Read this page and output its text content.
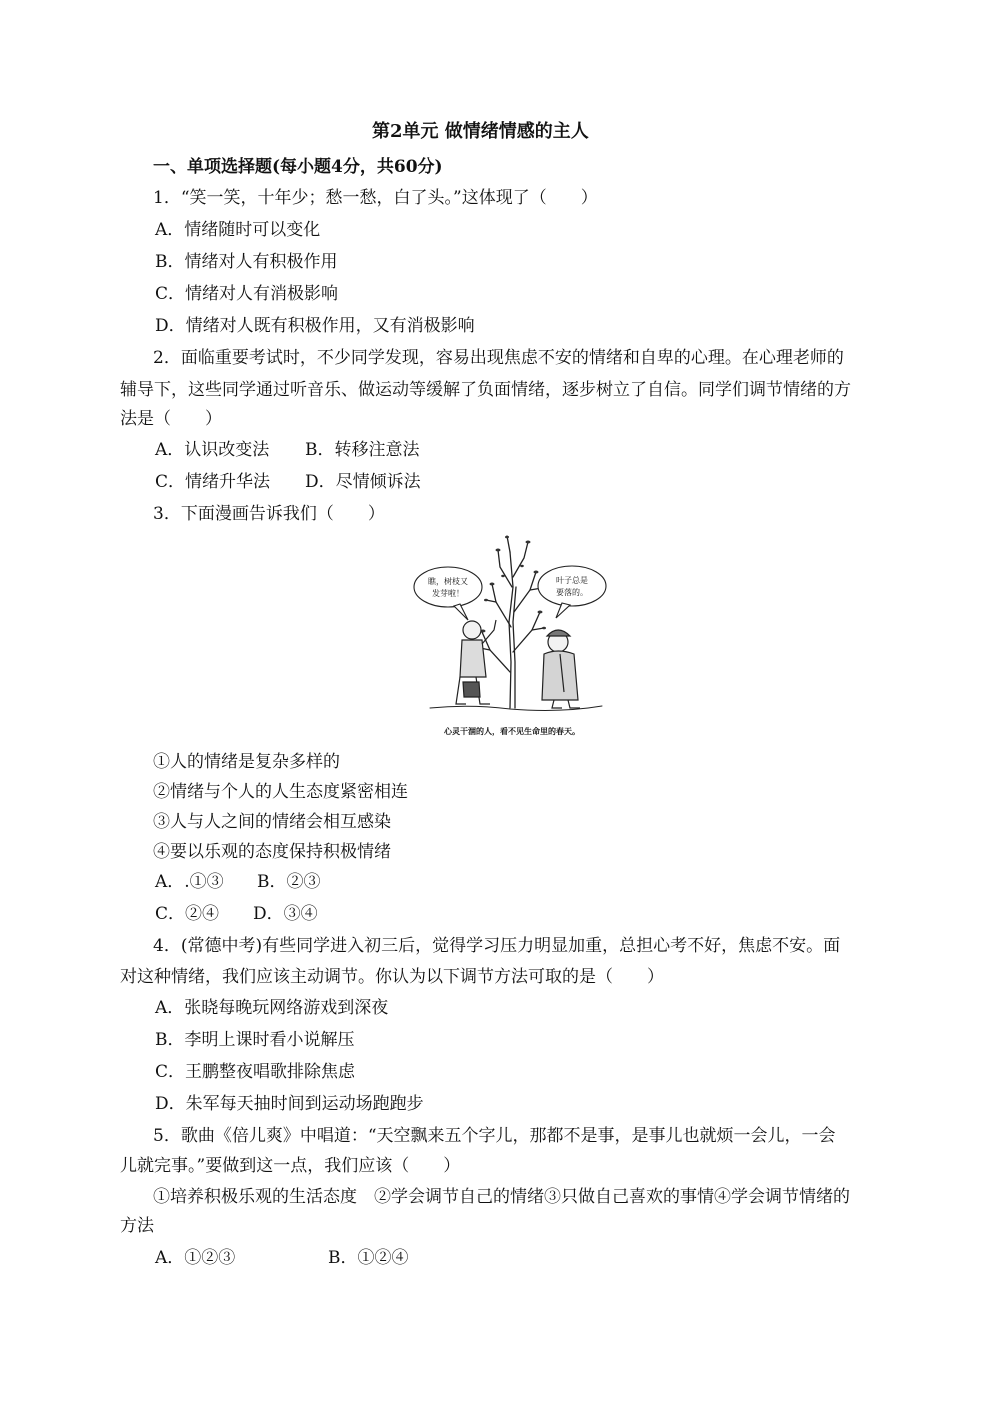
第2单元 做情绪情感的主人
一、单项选择题(每小题4分，共60分)
1．“笑一笑，十年少；愁一愁，白了头。”这体现了（　　）
A．情绪随时可以变化
B．情绪对人有积极作用
C．情绪对人有消极影响
D．情绪对人既有积极作用，又有消极影响
2．面临重要考试时，不少同学发现，容易出现焦虑不安的情绪和自卑的心理。在心理老师的
辅导下，这些同学通过听音乐、做运动等缓解了负面情绪，逐步树立了自信。同学们调节情绪的方
法是（　　）
A．认识改变法 B．转移注意法
C．情绪升华法 D．尽情倾诉法
3．下面漫画告诉我们（　　）
瞧，树枝又
发芽啦！
叶子总是
要落的。
心灵干涸的人，看不见生命里的春天。
①人的情绪是复杂多样的
②情绪与个人的人生态度紧密相连
③人与人之间的情绪会相互感染
④要以乐观的态度保持积极情绪
A．.①③ B．②③
C．②④ D．③④
4．(常德中考)有些同学进入初三后，觉得学习压力明显加重，总担心考不好，焦虑不安。面
对这种情绪，我们应该主动调节。你认为以下调节方法可取的是（　　）
A．张晓每晚玩网络游戏到深夜
B．李明上课时看小说解压
C．王鹏整夜唱歌排除焦虑
D．朱军每天抽时间到运动场跑跑步
5．歌曲《倍儿爽》中唱道：“天空飘来五个字儿，那都不是事，是事儿也就烦一会儿，一会
儿就完事。”要做到这一点，我们应该（　　）
①培养积极乐观的生活态度　②学会调节自己的情绪③只做自己喜欢的事情④学会调节情绪的
方法
A．①②③	B．①②④
